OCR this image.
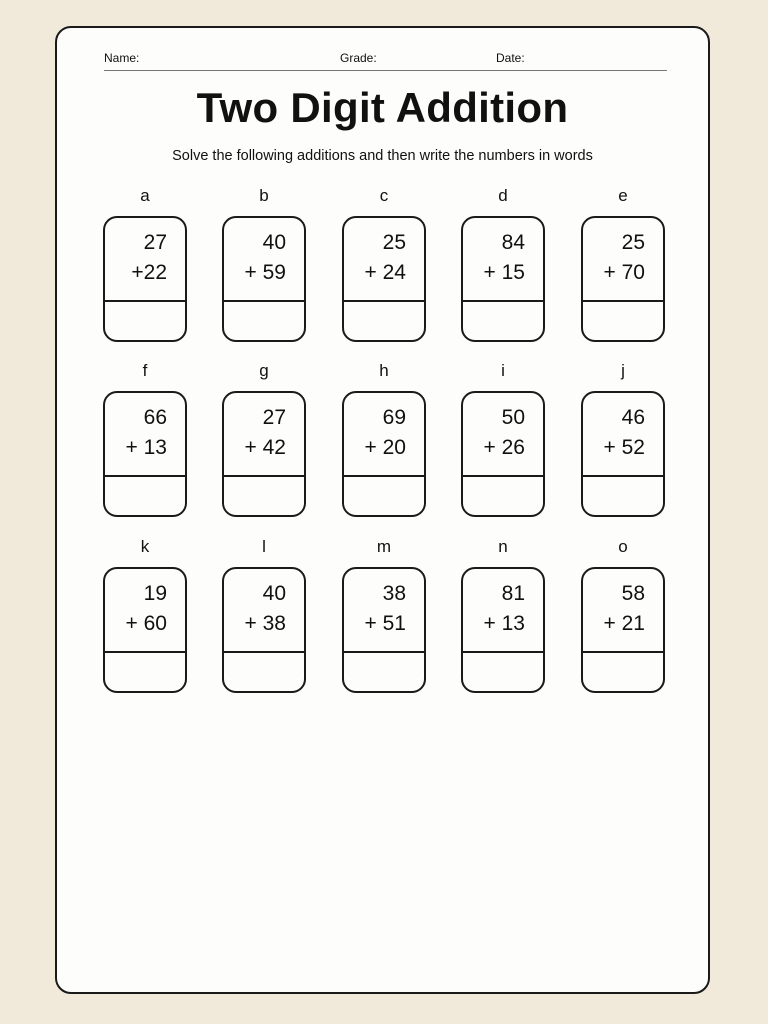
Name:	Grade:	Date:
Two Digit Addition
Solve the following additions and then write the numbers in words
a
27
+22
b
40
+ 59
c
25
+ 24
d
84
+ 15
e
25
+ 70
f
66
+ 13
g
27
+ 42
h
69
+ 20
i
50
+ 26
j
46
+ 52
k
19
+ 60
l
40
+ 38
m
38
+ 51
n
81
+ 13
o
58
+ 21
